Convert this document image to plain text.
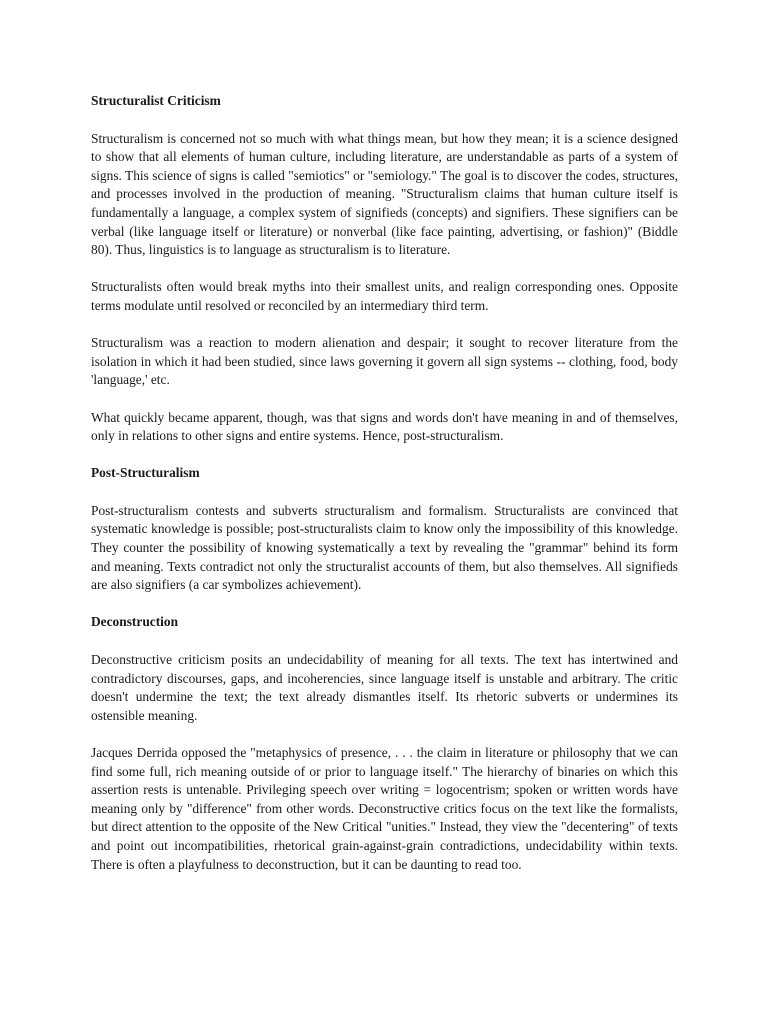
Structuralist Criticism

Structuralism is concerned not so much with what things mean, but how they mean; it is a science designed to show that all elements of human culture, including literature, are understandable as parts of a system of signs. This science of signs is called "semiotics" or "semiology." The goal is to discover the codes, structures, and processes involved in the production of meaning. "Structuralism claims that human culture itself is fundamentally a language, a complex system of signifieds (concepts) and signifiers. These signifiers can be verbal (like language itself or literature) or nonverbal (like face painting, advertising, or fashion)" (Biddle 80). Thus, linguistics is to language as structuralism is to literature.

Structuralists often would break myths into their smallest units, and realign corresponding ones. Opposite terms modulate until resolved or reconciled by an intermediary third term.

Structuralism was a reaction to modern alienation and despair; it sought to recover literature from the isolation in which it had been studied, since laws governing it govern all sign systems -- clothing, food, body 'language,' etc.

What quickly became apparent, though, was that signs and words don't have meaning in and of themselves, only in relations to other signs and entire systems. Hence, post-structuralism.

Post-Structuralism

Post-structuralism contests and subverts structuralism and formalism. Structuralists are convinced that systematic knowledge is possible; post-structuralists claim to know only the impossibility of this knowledge. They counter the possibility of knowing systematically a text by revealing the "grammar" behind its form and meaning. Texts contradict not only the structuralist accounts of them, but also themselves. All signifieds are also signifiers (a car symbolizes achievement).

Deconstruction

Deconstructive criticism posits an undecidability of meaning for all texts. The text has intertwined and contradictory discourses, gaps, and incoherencies, since language itself is unstable and arbitrary. The critic doesn't undermine the text; the text already dismantles itself. Its rhetoric subverts or undermines its ostensible meaning.

Jacques Derrida opposed the "metaphysics of presence, . . . the claim in literature or philosophy that we can find some full, rich meaning outside of or prior to language itself." The hierarchy of binaries on which this assertion rests is untenable. Privileging speech over writing = logocentrism; spoken or written words have meaning only by "difference" from other words. Deconstructive critics focus on the text like the formalists, but direct attention to the opposite of the New Critical "unities." Instead, they view the "decentering" of texts and point out incompatibilities, rhetorical grain-against-grain contradictions, undecidability within texts. There is often a playfulness to deconstruction, but it can be daunting to read too.
